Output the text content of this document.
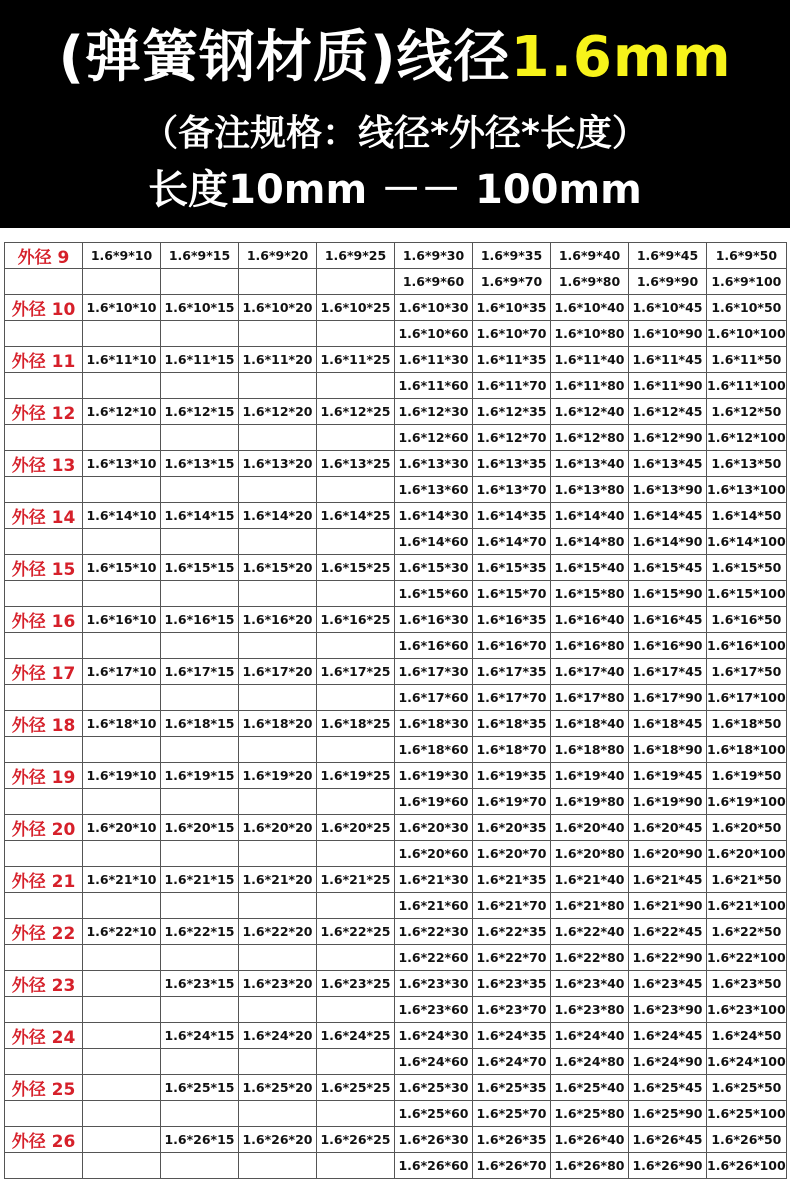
(弹簧钢材质)线径1.6mm
（备注规格：线径*外径*长度）
长度10mm －－ 100mm
外径 9	1.6*9*10	1.6*9*15	1.6*9*20	1.6*9*25	1.6*9*30	1.6*9*35	1.6*9*40	1.6*9*45	1.6*9*50
					1.6*9*60	1.6*9*70	1.6*9*80	1.6*9*90	1.6*9*100
外径 10	1.6*10*10	1.6*10*15	1.6*10*20	1.6*10*25	1.6*10*30	1.6*10*35	1.6*10*40	1.6*10*45	1.6*10*50
					1.6*10*60	1.6*10*70	1.6*10*80	1.6*10*90	1.6*10*100
外径 11	1.6*11*10	1.6*11*15	1.6*11*20	1.6*11*25	1.6*11*30	1.6*11*35	1.6*11*40	1.6*11*45	1.6*11*50
					1.6*11*60	1.6*11*70	1.6*11*80	1.6*11*90	1.6*11*100
外径 12	1.6*12*10	1.6*12*15	1.6*12*20	1.6*12*25	1.6*12*30	1.6*12*35	1.6*12*40	1.6*12*45	1.6*12*50
					1.6*12*60	1.6*12*70	1.6*12*80	1.6*12*90	1.6*12*100
外径 13	1.6*13*10	1.6*13*15	1.6*13*20	1.6*13*25	1.6*13*30	1.6*13*35	1.6*13*40	1.6*13*45	1.6*13*50
					1.6*13*60	1.6*13*70	1.6*13*80	1.6*13*90	1.6*13*100
外径 14	1.6*14*10	1.6*14*15	1.6*14*20	1.6*14*25	1.6*14*30	1.6*14*35	1.6*14*40	1.6*14*45	1.6*14*50
					1.6*14*60	1.6*14*70	1.6*14*80	1.6*14*90	1.6*14*100
外径 15	1.6*15*10	1.6*15*15	1.6*15*20	1.6*15*25	1.6*15*30	1.6*15*35	1.6*15*40	1.6*15*45	1.6*15*50
					1.6*15*60	1.6*15*70	1.6*15*80	1.6*15*90	1.6*15*100
外径 16	1.6*16*10	1.6*16*15	1.6*16*20	1.6*16*25	1.6*16*30	1.6*16*35	1.6*16*40	1.6*16*45	1.6*16*50
					1.6*16*60	1.6*16*70	1.6*16*80	1.6*16*90	1.6*16*100
外径 17	1.6*17*10	1.6*17*15	1.6*17*20	1.6*17*25	1.6*17*30	1.6*17*35	1.6*17*40	1.6*17*45	1.6*17*50
					1.6*17*60	1.6*17*70	1.6*17*80	1.6*17*90	1.6*17*100
外径 18	1.6*18*10	1.6*18*15	1.6*18*20	1.6*18*25	1.6*18*30	1.6*18*35	1.6*18*40	1.6*18*45	1.6*18*50
					1.6*18*60	1.6*18*70	1.6*18*80	1.6*18*90	1.6*18*100
外径 19	1.6*19*10	1.6*19*15	1.6*19*20	1.6*19*25	1.6*19*30	1.6*19*35	1.6*19*40	1.6*19*45	1.6*19*50
					1.6*19*60	1.6*19*70	1.6*19*80	1.6*19*90	1.6*19*100
外径 20	1.6*20*10	1.6*20*15	1.6*20*20	1.6*20*25	1.6*20*30	1.6*20*35	1.6*20*40	1.6*20*45	1.6*20*50
					1.6*20*60	1.6*20*70	1.6*20*80	1.6*20*90	1.6*20*100
外径 21	1.6*21*10	1.6*21*15	1.6*21*20	1.6*21*25	1.6*21*30	1.6*21*35	1.6*21*40	1.6*21*45	1.6*21*50
					1.6*21*60	1.6*21*70	1.6*21*80	1.6*21*90	1.6*21*100
外径 22	1.6*22*10	1.6*22*15	1.6*22*20	1.6*22*25	1.6*22*30	1.6*22*35	1.6*22*40	1.6*22*45	1.6*22*50
					1.6*22*60	1.6*22*70	1.6*22*80	1.6*22*90	1.6*22*100
外径 23		1.6*23*15	1.6*23*20	1.6*23*25	1.6*23*30	1.6*23*35	1.6*23*40	1.6*23*45	1.6*23*50
					1.6*23*60	1.6*23*70	1.6*23*80	1.6*23*90	1.6*23*100
外径 24		1.6*24*15	1.6*24*20	1.6*24*25	1.6*24*30	1.6*24*35	1.6*24*40	1.6*24*45	1.6*24*50
					1.6*24*60	1.6*24*70	1.6*24*80	1.6*24*90	1.6*24*100
外径 25		1.6*25*15	1.6*25*20	1.6*25*25	1.6*25*30	1.6*25*35	1.6*25*40	1.6*25*45	1.6*25*50
					1.6*25*60	1.6*25*70	1.6*25*80	1.6*25*90	1.6*25*100
外径 26		1.6*26*15	1.6*26*20	1.6*26*25	1.6*26*30	1.6*26*35	1.6*26*40	1.6*26*45	1.6*26*50
					1.6*26*60	1.6*26*70	1.6*26*80	1.6*26*90	1.6*26*100
